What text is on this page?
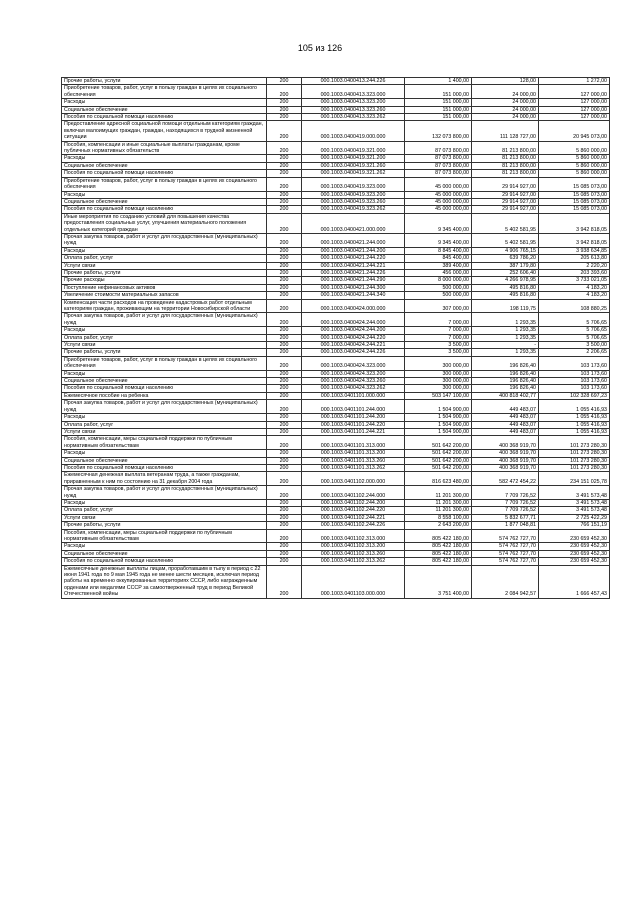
105 из 126
Прочие работы, услуги	200	000.1003.0400413.244.226	1 400,00	128,00	1 272,00
Приобретение товаров, работ, услуг в пользу граждан в целях их социального обеспечения	200	000.1003.0400413.323.000	151 000,00	24 000,00	127 000,00
Расходы	200	000.1003.0400413.323.200	151 000,00	24 000,00	127 000,00
Социальное обеспечение	200	000.1003.0400413.323.260	151 000,00	24 000,00	127 000,00
Пособия по социальной помощи населению	200	000.1003.0400413.323.262	151 000,00	24 000,00	127 000,00
Предоставление адресной социальной помощи отдельным категориям граждан, включая малоимущих граждан, граждан, находящихся в трудной жизненной ситуации	200	000.1003.0400419.000.000	132 073 800,00	111 128 727,00	20 945 073,00
Пособия, компенсации и иные социальные выплаты гражданам, кроме публичных нормативных обязательств	200	000.1003.0400419.321.000	87 073 800,00	81 213 800,00	5 860 000,00
Расходы	200	000.1003.0400419.321.200	87 073 800,00	81 213 800,00	5 860 000,00
Социальное обеспечение	200	000.1003.0400419.321.260	87 073 800,00	81 213 800,00	5 860 000,00
Пособия по социальной помощи населению	200	000.1003.0400419.321.262	87 073 800,00	81 213 800,00	5 860 000,00
Приобретение товаров, работ, услуг в пользу граждан в целях их социального обеспечения	200	000.1003.0400419.323.000	45 000 000,00	29 914 927,00	15 085 073,00
Расходы	200	000.1003.0400419.323.200	45 000 000,00	29 914 927,00	15 085 073,00
Социальное обеспечение	200	000.1003.0400419.323.260	45 000 000,00	29 914 927,00	15 085 073,00
Пособия по социальной помощи населению	200	000.1003.0400419.323.262	45 000 000,00	29 914 927,00	15 085 073,00
Иные мероприятия по созданию условий для повышения качества предоставления социальных услуг, улучшения материального положения отдельных категорий граждан	200	000.1003.0400421.000.000	9 345 400,00	5 402 581,95	3 942 818,05
Прочая закупка товаров, работ и услуг для государственных (муниципальных) нужд	200	000.1003.0400421.244.000	9 345 400,00	5 402 581,95	3 942 818,05
Расходы	200	000.1003.0400421.244.200	8 845 400,00	4 906 765,15	3 938 634,85
Оплата работ, услуг	200	000.1003.0400421.244.220	845 400,00	639 786,20	205 613,80
Услуги связи	200	000.1003.0400421.244.221	389 400,00	387 179,80	2 220,20
Прочие работы, услуги	200	000.1003.0400421.244.226	456 000,00	252 606,40	203 393,60
Прочие расходы	200	000.1003.0400421.244.290	8 000 000,00	4 266 978,95	3 733 021,05
Поступление нефинансовых активов	200	000.1003.0400421.244.300	500 000,00	495 816,80	4 183,20
Увеличение стоимости материальных запасов	200	000.1003.0400421.244.340	500 000,00	495 816,80	4 183,20
Компенсация части расходов на проведение кадастровых работ отдельным категориям граждан, проживающим на территории Новосибирской области	200	000.1003.0400424.000.000	307 000,00	198 119,75	108 880,25
Прочая закупка товаров, работ и услуг для государственных (муниципальных) нужд	200	000.1003.0400424.244.000	7 000,00	1 293,35	5 706,65
Расходы	200	000.1003.0400424.244.200	7 000,00	1 293,35	5 706,65
Оплата работ, услуг	200	000.1003.0400424.244.220	7 000,00	1 293,35	5 706,65
Услуги связи	200	000.1003.0400424.244.221	3 500,00	-	3 500,00
Прочие работы, услуги	200	000.1003.0400424.244.226	3 500,00	1 293,35	2 206,65
Приобретение товаров, работ, услуг в пользу граждан в целях их социального обеспечения	200	000.1003.0400424.323.000	300 000,00	196 826,40	103 173,60
Расходы	200	000.1003.0400424.323.200	300 000,00	196 826,40	103 173,60
Социальное обеспечение	200	000.1003.0400424.323.260	300 000,00	196 826,40	103 173,60
Пособия по социальной помощи населению	200	000.1003.0400424.323.262	300 000,00	196 826,40	103 173,60
Ежемесячное пособие на ребенка	200	000.1003.0401101.000.000	503 147 100,00	400 818 402,77	102 328 697,23
Прочая закупка товаров, работ и услуг для государственных (муниципальных) нужд	200	000.1003.0401101.244.000	1 504 900,00	449 483,07	1 055 416,93
Расходы	200	000.1003.0401101.244.200	1 504 900,00	449 483,07	1 055 416,93
Оплата работ, услуг	200	000.1003.0401101.244.220	1 504 900,00	449 483,07	1 055 416,93
Услуги связи	200	000.1003.0401101.244.221	1 504 900,00	449 483,07	1 055 416,93
Пособия, компенсации, меры социальной поддержки по публичным нормативным обязательствам	200	000.1003.0401101.313.000	501 642 200,00	400 368 919,70	101 273 280,30
Расходы	200	000.1003.0401101.313.200	501 642 200,00	400 368 919,70	101 273 280,30
Социальное обеспечение	200	000.1003.0401101.313.260	501 642 200,00	400 368 919,70	101 273 280,30
Пособия по социальной помощи населению	200	000.1003.0401101.313.262	501 642 200,00	400 368 919,70	101 273 280,30
Ежемесячная денежная выплата ветеранам труда, а также гражданам, приравненным к ним по состоянию на 31 декабря 2004 года	200	000.1003.0401102.000.000	816 623 480,00	582 472 454,22	234 151 025,78
Прочая закупка товаров, работ и услуг для государственных (муниципальных) нужд	200	000.1003.0401102.244.000	11 201 300,00	7 709 726,52	3 491 573,48
Расходы	200	000.1003.0401102.244.200	11 201 300,00	7 709 726,52	3 491 573,48
Оплата работ, услуг	200	000.1003.0401102.244.220	11 201 300,00	7 709 726,52	3 491 573,48
Услуги связи	200	000.1003.0401102.244.221	8 558 100,00	5 832 677,71	2 725 422,29
Прочие работы, услуги	200	000.1003.0401102.244.226	2 643 200,00	1 877 048,81	766 151,19
Пособия, компенсации, меры социальной поддержки по публичным нормативным обязательствам	200	000.1003.0401102.313.000	805 422 180,00	574 762 727,70	230 659 452,30
Расходы	200	000.1003.0401102.313.200	805 422 180,00	574 762 727,70	230 659 452,30
Социальное обеспечение	200	000.1003.0401102.313.260	805 422 180,00	574 762 727,70	230 659 452,30
Пособия по социальной помощи населению	200	000.1003.0401102.313.262	805 422 180,00	574 762 727,70	230 659 452,30
Ежемесячные денежные выплаты лицам, проработавшим в тылу в период с 22 июня 1941 года по 9 мая 1945 года не менее шести месяцев, исключая период работы на временно оккупированных территориях СССР, либо награжденным орденами или медалями СССР за самоотверженный труд в период Великой Отечественной войны	200	000.1003.0401103.000.000	3 751 400,00	2 084 942,57	1 666 457,43
